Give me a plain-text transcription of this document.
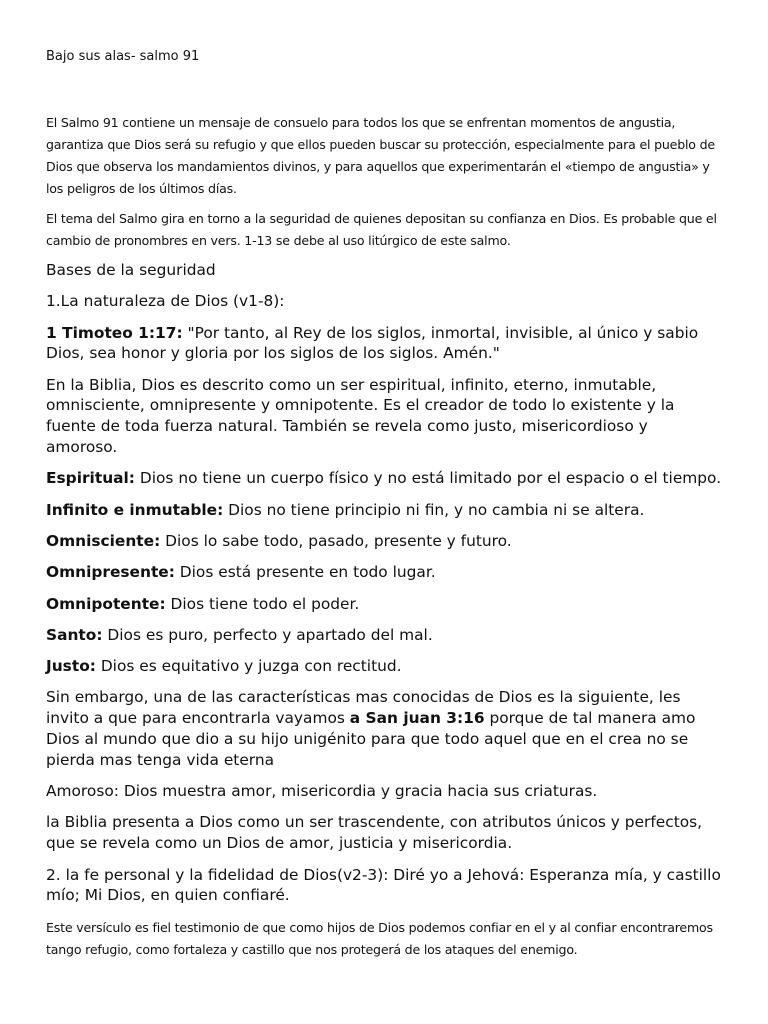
Bajo sus alas- salmo 91

El Salmo 91 contiene un mensaje de consuelo para todos los que se enfrentan momentos de angustia, garantiza que Dios será su refugio y que ellos pueden buscar su protección, especialmente para el pueblo de Dios que observa los mandamientos divinos, y para aquellos que experimentarán el «tiempo de angustia» y los peligros de los últimos días.

El tema del Salmo gira en torno a la seguridad de quienes depositan su confianza en Dios. Es probable que el cambio de pronombres en vers. 1-13 se debe al uso litúrgico de este salmo.

Bases de la seguridad

1.La naturaleza de Dios (v1-8):

1 Timoteo 1:17: "Por tanto, al Rey de los siglos, inmortal, invisible, al único y sabio Dios, sea honor y gloria por los siglos de los siglos. Amén."

En la Biblia, Dios es descrito como un ser espiritual, infinito, eterno, inmutable, omnisciente, omnipresente y omnipotente. Es el creador de todo lo existente y la fuente de toda fuerza natural. También se revela como justo, misericordioso y amoroso.

Espiritual: Dios no tiene un cuerpo físico y no está limitado por el espacio o el tiempo.

Infinito e inmutable: Dios no tiene principio ni fin, y no cambia ni se altera.

Omnisciente: Dios lo sabe todo, pasado, presente y futuro.

Omnipresente: Dios está presente en todo lugar.

Omnipotente: Dios tiene todo el poder.

Santo: Dios es puro, perfecto y apartado del mal.

Justo: Dios es equitativo y juzga con rectitud.

Sin embargo, una de las características mas conocidas de Dios es la siguiente, les invito a que para encontrarla vayamos a San juan 3:16 porque de tal manera amo Dios al mundo que dio a su hijo unigénito para que todo aquel que en el crea no se pierda mas tenga vida eterna

Amoroso: Dios muestra amor, misericordia y gracia hacia sus criaturas.

la Biblia presenta a Dios como un ser trascendente, con atributos únicos y perfectos, que se revela como un Dios de amor, justicia y misericordia.

2. la fe personal y la fidelidad de Dios(v2-3): Diré yo a Jehová: Esperanza mía, y castillo mío; Mi Dios, en quien confiaré.

Este versículo es fiel testimonio de que como hijos de Dios podemos confiar en el y al confiar encontraremos tango refugio, como fortaleza y castillo que nos protegerá de los ataques del enemigo.
